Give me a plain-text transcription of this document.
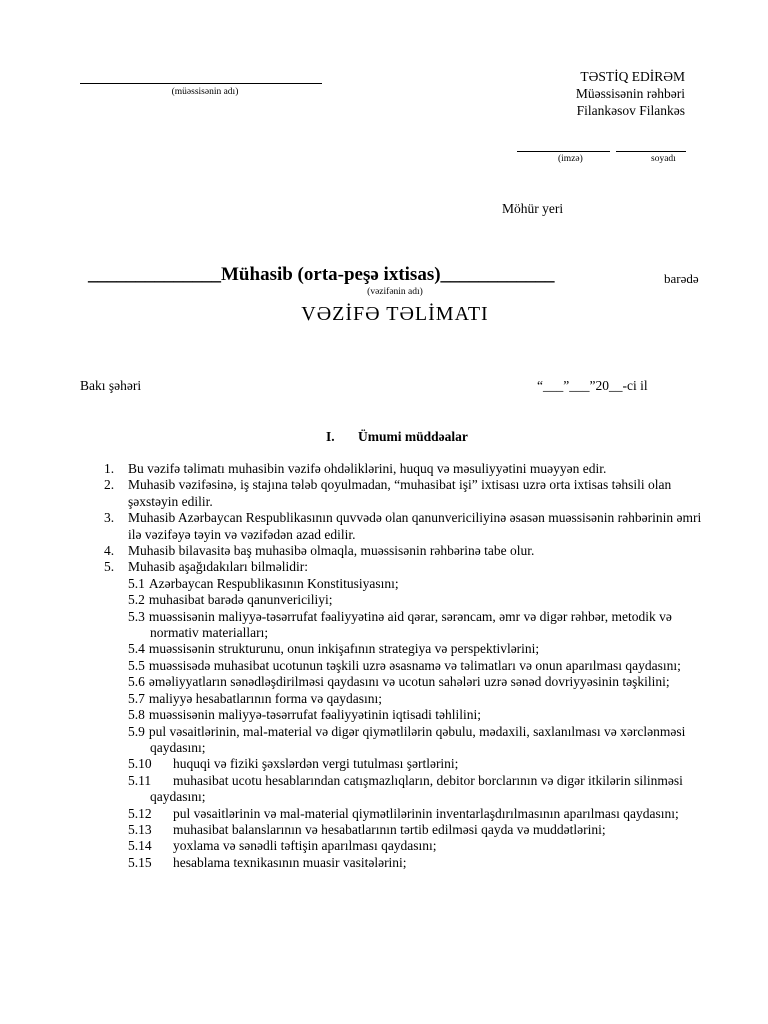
(müəssisənin adı)
TƏSTİQ EDİRƏM
Müəssisənin rəhbəri
Filankəsov Filankəs
(imzə)	soyadı
Möhür yeri
______________Mühasib (orta-peşə ixtisas)____________	barədə
(vəzifənin adı)
VƏZİFƏ TƏLİMATI
Bakı şəhəri	“___”___”20__-ci il
I. Ümumi müddəalar
1. Bu vəzifə təlimatı muhasibin vəzifə ohdəliklərini, huquq və məsuliyyətini muəyyən edir.
2. Muhasib vəzifəsinə, iş stajına tələb qoyulmadan, “muhasibat işi” ixtisası uzrə orta ixtisas təhsili olan şəxstəyin edilir.
3. Muhasib Azərbaycan Respublikasının quvvədə olan qanunvericiliyinə əsasən muəssisənin rəhbərinin əmri ilə vəzifəyə təyin və vəzifədən azad edilir.
4. Muhasib bilavasitə baş muhasibə olmaqla, muəssisənin rəhbərinə tabe olur.
5. Muhasib aşağıdakıları bilməlidir:
5.1 Azərbaycan Respublikasının Konstitusiyasını;
5.2 muhasibat barədə qanunvericiliyi;
5.3 muəssisənin maliyyə-təsərrufat fəaliyyətinə aid qərar, sərəncam, əmr və digər rəhbər, metodik və normativ materialları;
5.4 muəssisənin strukturunu, onun inkişafının strategiya və perspektivlərini;
5.5 muəssisədə muhasibat ucotunun təşkili uzrə əsasnamə və təlimatları və onun aparılması qaydasını;
5.6 əməliyyatların sənədləşdirilməsi qaydasını və ucotun sahələri uzrə sənəd dovriyyəsinin təşkilini;
5.7 maliyyə hesabatlarının forma və qaydasını;
5.8 muəssisənin maliyyə-təsərrufat fəaliyyətinin iqtisadi təhlilini;
5.9 pul vəsaitlərinin, mal-material və digər qiymətlilərin qəbulu, mədaxili, saxlanılması və xərclənməsi qaydasını;
5.10 huquqi və fiziki şəxslərdən vergi tutulması şərtlərini;
5.11 muhasibat ucotu hesablarından catışmazlıqların, debitor borclarının və digər itkilərin silinməsi qaydasını;
5.12 pul vəsaitlərinin və mal-material qiymətlilərinin inventarlaşdırılmasının aparılması qaydasını;
5.13 muhasibat balanslarının və hesabatlarının tərtib edilməsi qayda və muddətlərini;
5.14 yoxlama və sənədli təftişin aparılması qaydasını;
5.15 hesablama texnikasının muasir vasitələrini;
